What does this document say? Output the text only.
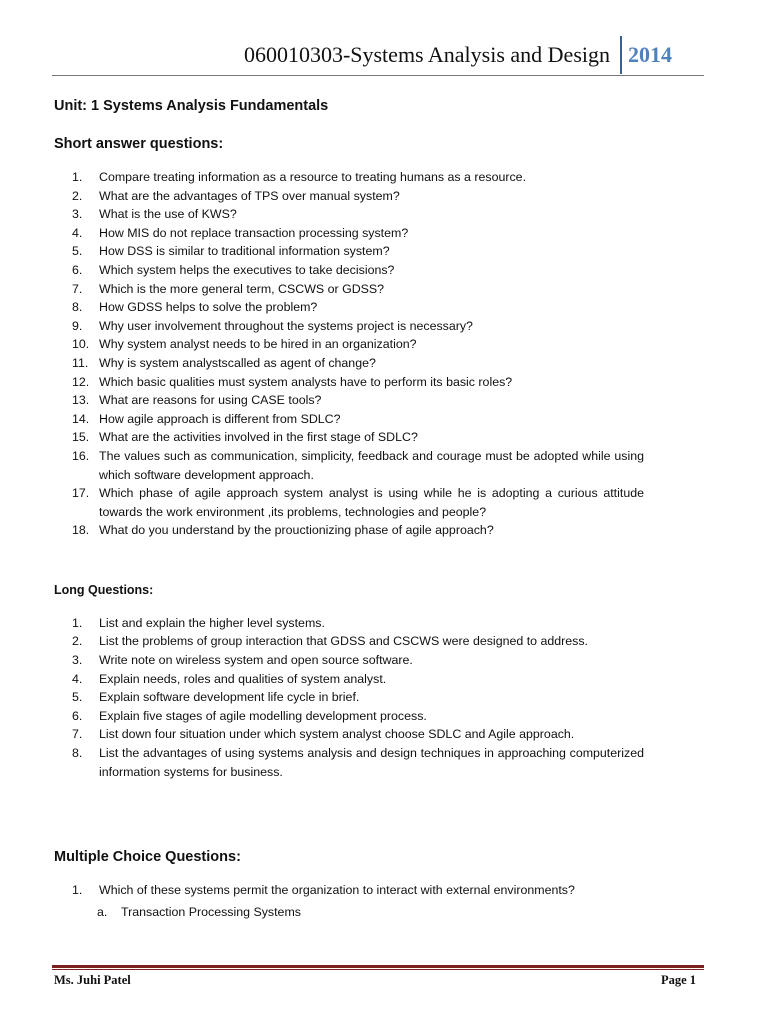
060010303-Systems Analysis and Design 2014
Unit: 1 Systems Analysis Fundamentals
Short answer questions:
1. Compare treating information as a resource to treating humans as a resource.
2. What are the advantages of TPS over manual system?
3. What is the use of KWS?
4. How MIS do not replace transaction processing system?
5. How DSS is similar to traditional information system?
6. Which system helps the executives to take decisions?
7. Which is the more general term, CSCWS or GDSS?
8. How GDSS helps to solve the problem?
9. Why user involvement throughout the systems project is necessary?
10. Why system analyst needs to be hired in an organization?
11. Why is system analystscalled as agent of change?
12. Which basic qualities must system analysts have to perform its basic roles?
13. What are reasons for using CASE tools?
14. How agile approach is different from SDLC?
15. What are the activities involved in the first stage of SDLC?
16. The values such as communication, simplicity, feedback and courage must be adopted while using which software development approach.
17. Which phase of agile approach system analyst is using while he is adopting a curious attitude towards the work environment ,its problems, technologies and people?
18. What do you understand by the prouctionizing phase of agile approach?
Long Questions:
1. List and explain the higher level systems.
2. List the problems of group interaction that GDSS and CSCWS were designed to address.
3. Write note on wireless system and open source software.
4. Explain needs, roles and qualities of system analyst.
5. Explain software development life cycle in brief.
6. Explain five stages of agile modelling development process.
7. List down four situation under which system analyst choose SDLC and Agile approach.
8. List the advantages of using systems analysis and design techniques in approaching computerized information systems for business.
Multiple Choice Questions:
1. Which of these systems permit the organization to interact with external environments?
a. Transaction Processing Systems
Ms. Juhi Patel	Page 1
